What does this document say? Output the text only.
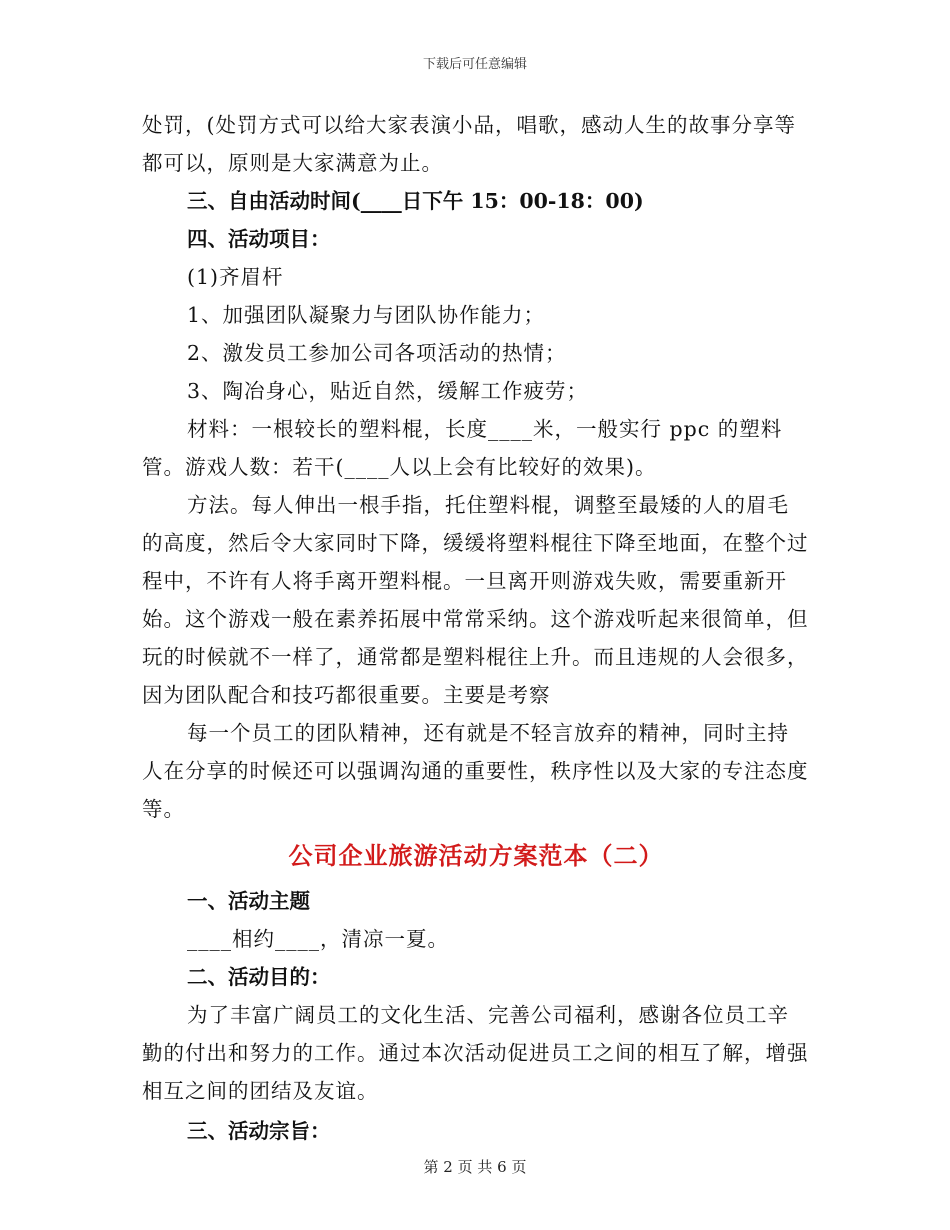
下载后可任意编辑

处罚，(处罚方式可以给大家表演小品，唱歌，感动人生的故事分享等都可以，原则是大家满意为止。

三、自由活动时间(____日下午 15：00-18：00)

四、活动项目：

(1)齐眉杆

1、加强团队凝聚力与团队协作能力；

2、激发员工参加公司各项活动的热情；

3、陶冶身心，贴近自然，缓解工作疲劳；

材料：一根较长的塑料棍，长度____米，一般实行 ppc 的塑料管。游戏人数：若干(____人以上会有比较好的效果)。

方法。每人伸出一根手指，托住塑料棍，调整至最矮的人的眉毛的高度，然后令大家同时下降，缓缓将塑料棍往下降至地面，在整个过程中，不许有人将手离开塑料棍。一旦离开则游戏失败，需要重新开始。这个游戏一般在素养拓展中常常采纳。这个游戏听起来很简单，但玩的时候就不一样了，通常都是塑料棍往上升。而且违规的人会很多，因为团队配合和技巧都很重要。主要是考察

每一个员工的团队精神，还有就是不轻言放弃的精神，同时主持人在分享的时候还可以强调沟通的重要性，秩序性以及大家的专注态度等。

公司企业旅游活动方案范本（二）

一、活动主题

____相约____，清凉一夏。

二、活动目的：

为了丰富广阔员工的文化生活、完善公司福利，感谢各位员工辛勤的付出和努力的工作。通过本次活动促进员工之间的相互了解，增强相互之间的团结及友谊。

三、活动宗旨：

第 2 页 共 6 页
